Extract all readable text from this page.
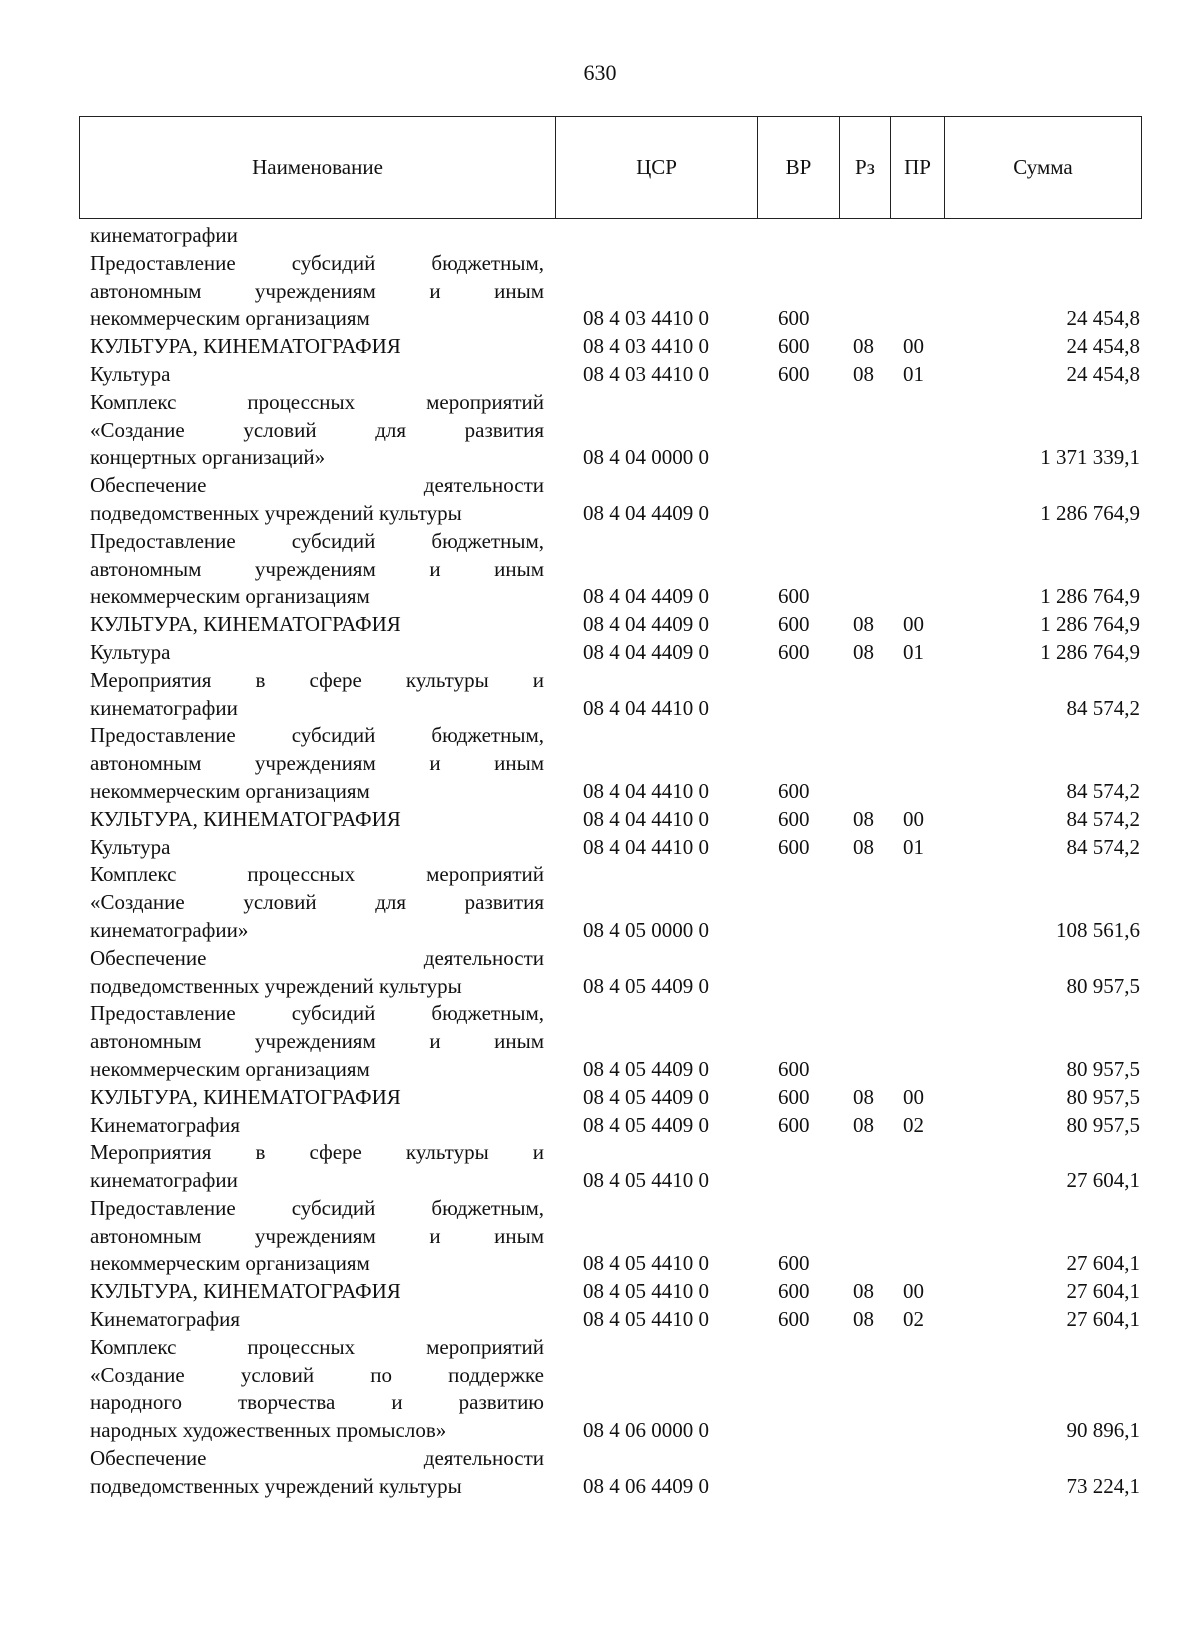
630
Наименование	ЦСР	ВР	Рз	ПР	Сумма
кинематографии
Предоставление субсидий бюджетным,
автономным учреждениям и иным
некоммерческим организациям	08 4 03 4410 0	600	24 454,8
КУЛЬТУРА, КИНЕМАТОГРАФИЯ	08 4 03 4410 0	600 08 00	24 454,8
Культура	08 4 03 4410 0	600 08 01	24 454,8
Комплекс процессных мероприятий
«Создание условий для развития
концертных организаций»	08 4 04 0000 0	1 371 339,1
Обеспечение деятельности
подведомственных учреждений культуры	08 4 04 4409 0	1 286 764,9
Предоставление субсидий бюджетным,
автономным учреждениям и иным
некоммерческим организациям	08 4 04 4409 0	600	1 286 764,9
КУЛЬТУРА, КИНЕМАТОГРАФИЯ	08 4 04 4409 0	600 08 00	1 286 764,9
Культура	08 4 04 4409 0	600 08 01	1 286 764,9
Мероприятия в сфере культуры и
кинематографии	08 4 04 4410 0	84 574,2
Предоставление субсидий бюджетным,
автономным учреждениям и иным
некоммерческим организациям	08 4 04 4410 0	600	84 574,2
КУЛЬТУРА, КИНЕМАТОГРАФИЯ	08 4 04 4410 0	600 08 00	84 574,2
Культура	08 4 04 4410 0	600 08 01	84 574,2
Комплекс процессных мероприятий
«Создание условий для развития
кинематографии»	08 4 05 0000 0	108 561,6
Обеспечение деятельности
подведомственных учреждений культуры	08 4 05 4409 0	80 957,5
Предоставление субсидий бюджетным,
автономным учреждениям и иным
некоммерческим организациям	08 4 05 4409 0	600	80 957,5
КУЛЬТУРА, КИНЕМАТОГРАФИЯ	08 4 05 4409 0	600 08 00	80 957,5
Кинематография	08 4 05 4409 0	600 08 02	80 957,5
Мероприятия в сфере культуры и
кинематографии	08 4 05 4410 0	27 604,1
Предоставление субсидий бюджетным,
автономным учреждениям и иным
некоммерческим организациям	08 4 05 4410 0	600	27 604,1
КУЛЬТУРА, КИНЕМАТОГРАФИЯ	08 4 05 4410 0	600 08 00	27 604,1
Кинематография	08 4 05 4410 0	600 08 02	27 604,1
Комплекс процессных мероприятий
«Создание условий по поддержке
народного творчества и развитию
народных художественных промыслов»	08 4 06 0000 0	90 896,1
Обеспечение деятельности
подведомственных учреждений культуры	08 4 06 4409 0	73 224,1
